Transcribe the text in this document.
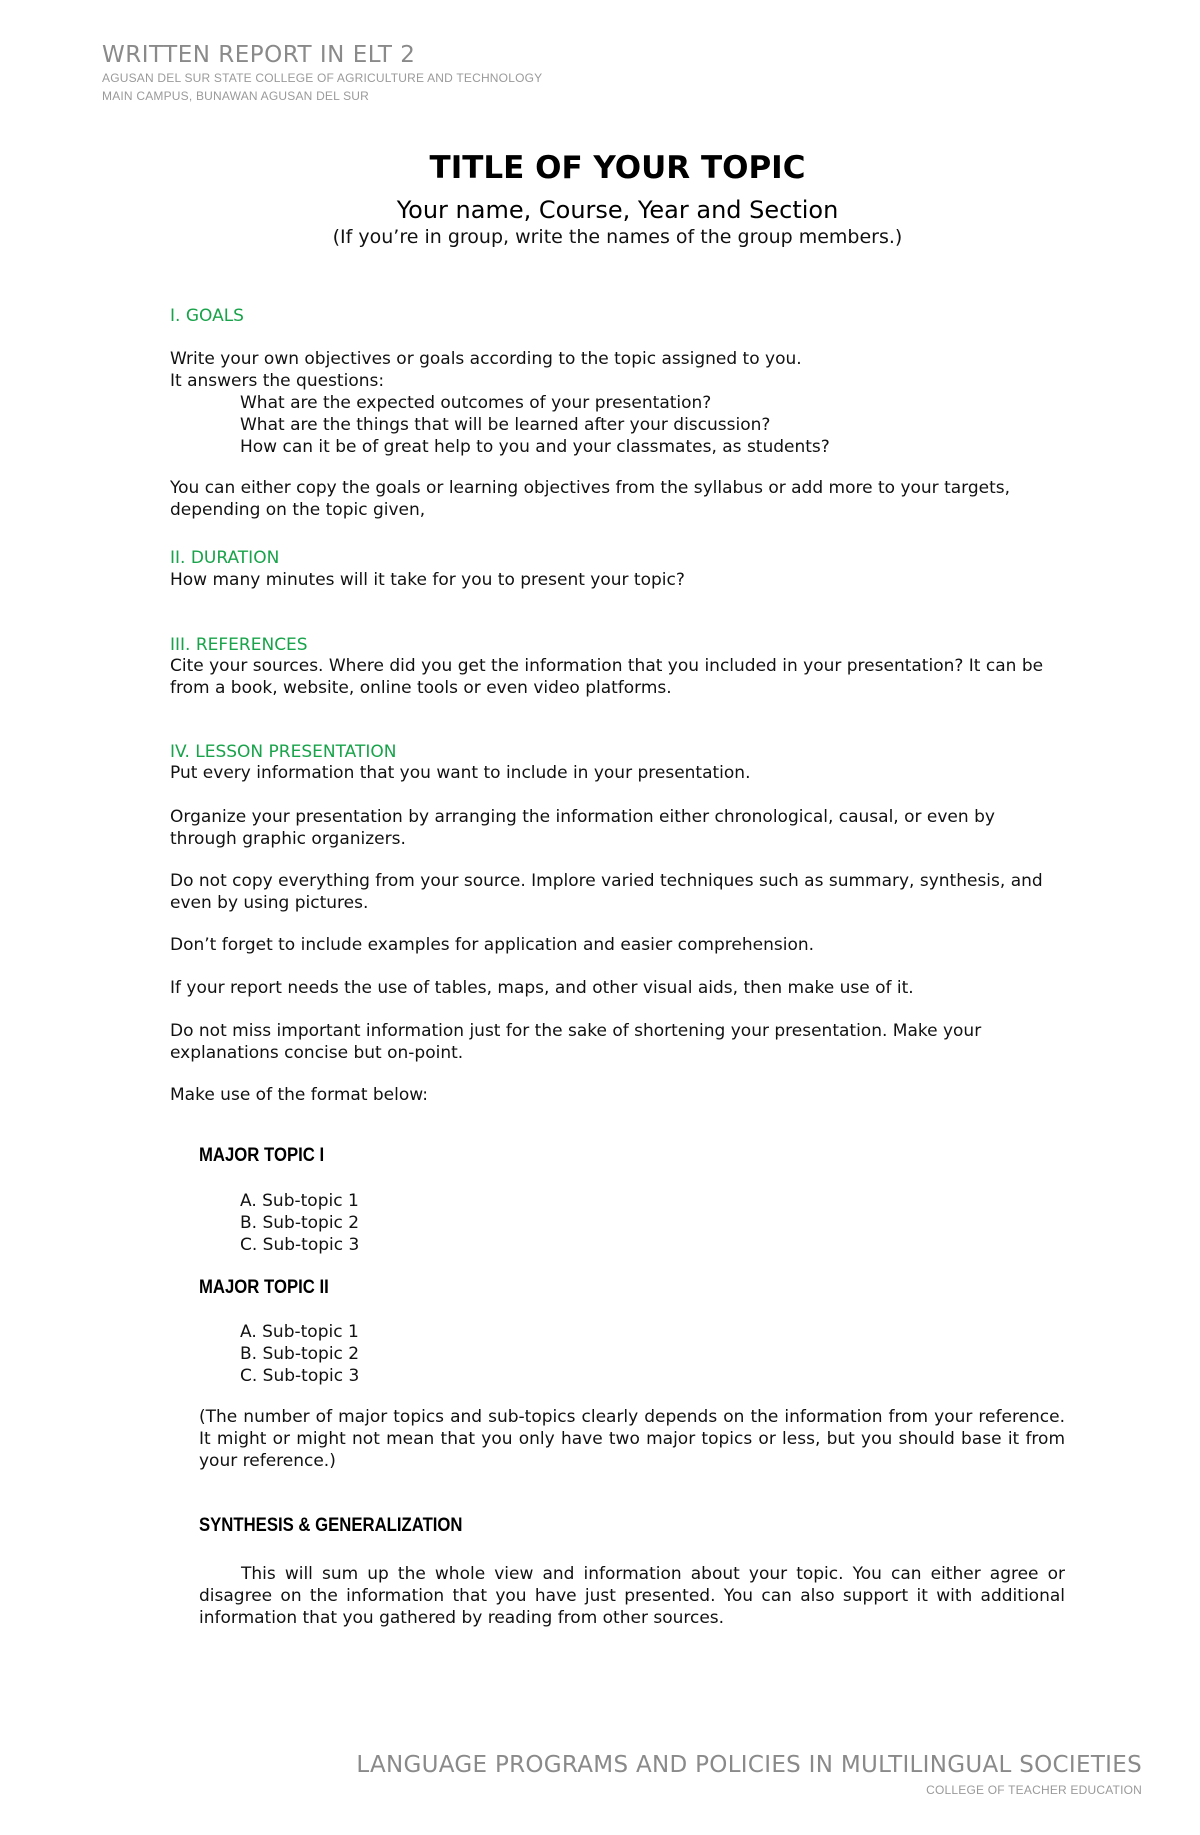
WRITTEN REPORT IN ELT 2
AGUSAN DEL SUR STATE COLLEGE OF AGRICULTURE AND TECHNOLOGY
MAIN CAMPUS, BUNAWAN AGUSAN DEL SUR
TITLE OF YOUR TOPIC
Your name, Course, Year and Section
(If you’re in group, write the names of the group members.)
I. GOALS

Write your own objectives or goals according to the topic assigned to you.

It answers the questions:

What are the expected outcomes of your presentation?

What are the things that will be learned after your discussion?

How can it be of great help to you and your classmates, as students?

You can either copy the goals or learning objectives from the syllabus or add more to your targets, depending on the topic given,
II. DURATION
How many minutes will it take for you to present your topic?
III. REFERENCES
Cite your sources. Where did you get the information that you included in your presentation? It can be from a book, website, online tools or even video platforms.
IV. LESSON PRESENTATION
Put every information that you want to include in your presentation.
Organize your presentation by arranging the information either chronological, causal, or even by through graphic organizers.
Do not copy everything from your source. Implore varied techniques such as summary, synthesis, and even by using pictures.
Don’t forget to include examples for application and easier comprehension.
If your report needs the use of tables, maps, and other visual aids, then make use of it.
Do not miss important information just for the sake of shortening your presentation. Make your explanations concise but on-point.
Make use of the format below:
MAJOR TOPIC I

A. Sub-topic 1

B. Sub-topic 2

C. Sub-topic 3

MAJOR TOPIC II

A. Sub-topic 1

B. Sub-topic 2

C. Sub-topic 3

(The number of major topics and sub-topics clearly depends on the information from your reference. It might or might not mean that you only have two major topics or less, but you should base it from your reference.)
SYNTHESIS & GENERALIZATION
This will sum up the whole view and information about your topic. You can either agree or disagree on the information that you have just presented. You can also support it with additional information that you gathered by reading from other sources.
LANGUAGE PROGRAMS AND POLICIES IN MULTILINGUAL SOCIETIES
COLLEGE OF TEACHER EDUCATION
